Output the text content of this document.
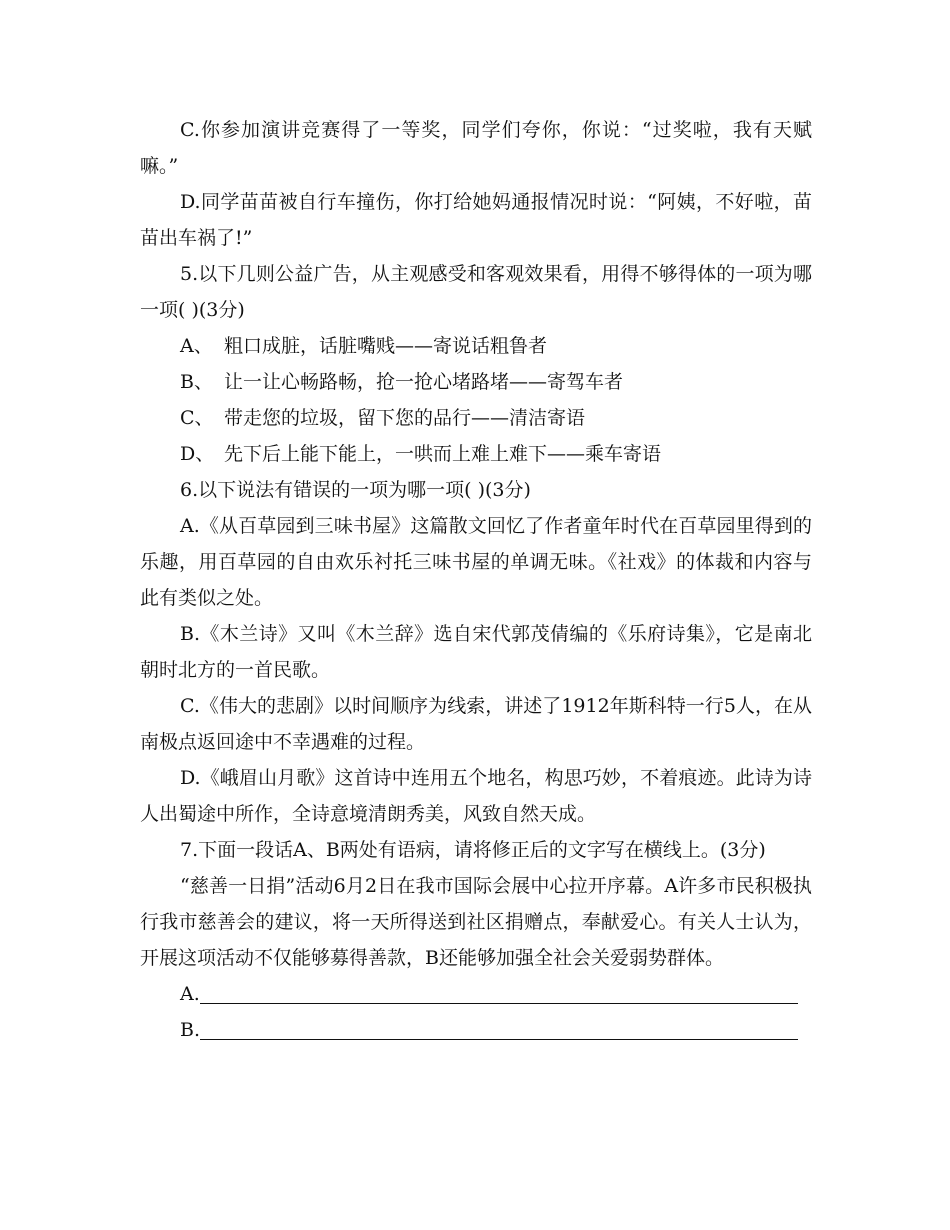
C.你参加演讲竞赛得了一等奖，同学们夸你，你说：“过奖啦，我有天赋嘛。”

D.同学苗苗被自行车撞伤，你打给她妈通报情况时说：“阿姨，不好啦，苗苗出车祸了!”

5.以下几则公益广告，从主观感受和客观效果看，用得不够得体的一项为哪一项( )(3分)

A、 粗口成脏，话脏嘴贱——寄说话粗鲁者

B、 让一让心畅路畅，抢一抢心堵路堵——寄驾车者

C、 带走您的垃圾，留下您的品行——清洁寄语

D、 先下后上能下能上，一哄而上难上难下——乘车寄语

6.以下说法有错误的一项为哪一项( )(3分)

A.《从百草园到三味书屋》这篇散文回忆了作者童年时代在百草园里得到的乐趣，用百草园的自由欢乐衬托三味书屋的单调无味。《社戏》的体裁和内容与此有类似之处。

B.《木兰诗》又叫《木兰辞》选自宋代郭茂倩编的《乐府诗集》，它是南北朝时北方的一首民歌。

C.《伟大的悲剧》以时间顺序为线索，讲述了1912年斯科特一行5人，在从南极点返回途中不幸遇难的过程。

D.《峨眉山月歌》这首诗中连用五个地名，构思巧妙，不着痕迹。此诗为诗人出蜀途中所作，全诗意境清朗秀美，风致自然天成。

7.下面一段话A、B两处有语病，请将修正后的文字写在横线上。(3分)

“慈善一日捐”活动6月2日在我市国际会展中心拉开序幕。A许多市民积极执行我市慈善会的建议，将一天所得送到社区捐赠点，奉献爱心。有关人士认为，开展这项活动不仅能够募得善款，B还能够加强全社会关爱弱势群体。

A.
B.
